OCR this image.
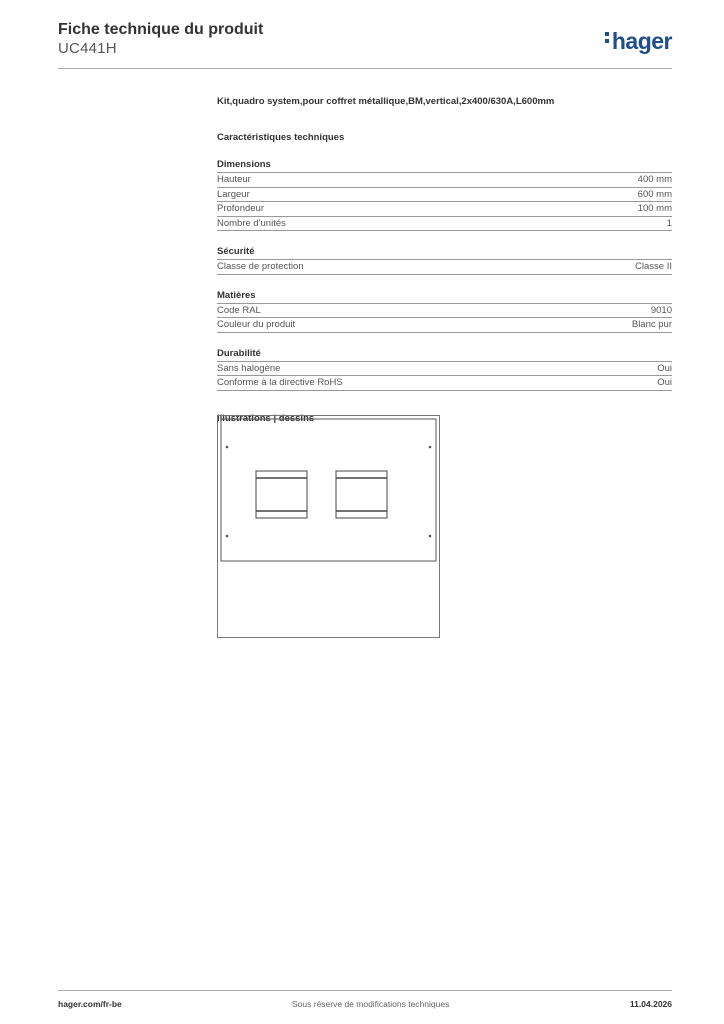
Fiche technique du produit
UC441H	hager
Kit,quadro system,pour coffret métallique,BM,vertical,2x400/630A,L600mm
Caractéristiques techniques
Dimensions
Hauteur	400 mm
Largeur	600 mm
Profondeur	100 mm
Nombre d'unités	1
Sécurité
Classe de protection	Classe II
Matières
Code RAL	9010
Couleur du produit	Blanc pur
Durabilité
Sans halogène	Oui
Conforme à la directive RoHS	Oui
Illustrations | dessins
hager.com/fr-be	Sous réserve de modifications techniques	11.04.2026
